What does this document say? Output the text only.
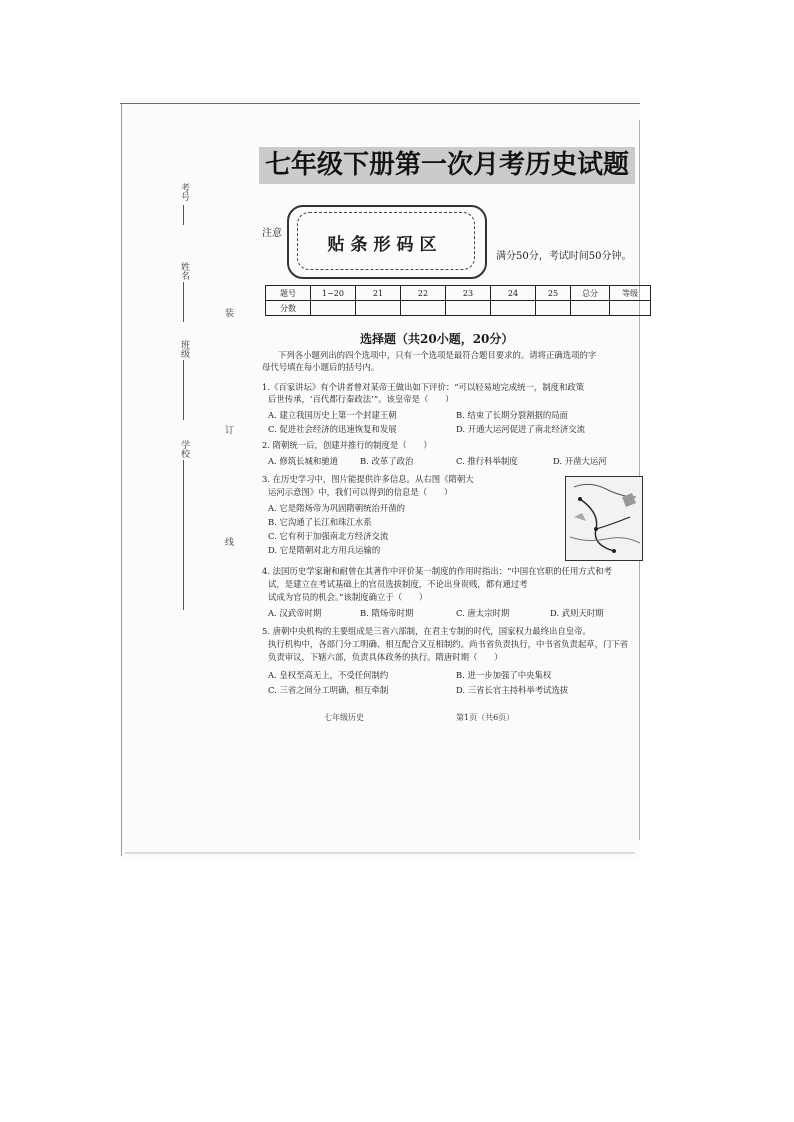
考号
姓名
班级
学校
装
订
线
七年级下册第一次月考历史试题
注意
贴条形码区
满分50分，考试时间50分钟。
题号	1~20	21	22	23	24	25	总分	等级
分数								
选择题（共20小题，20分）
下列各小题列出的四个选项中，只有一个选项是最符合题目要求的。请将正确选项的字
母代号填在每小题后的括号内。
1.《百家讲坛》有个讲者曾对某帝王做出如下评价：“可以轻易地完成统一，制度和政策
后世传承，‘百代都行秦政法’”。该皇帝是（　　）
A. 建立我国历史上第一个封建王朝	B. 结束了长期分裂割据的局面
C. 促进社会经济的迅速恢复和发展	D. 开通大运河促进了南北经济交流
2. 隋朝统一后，创建并推行的制度是（　　）
A. 修筑长城和驰道	B. 改革了政治	C. 推行科举制度	D. 开凿大运河
3. 在历史学习中，图片能提供许多信息。从右图《隋朝大
运河示意图》中，我们可以得到的信息是（　　）
A. 它是隋炀帝为巩固隋朝统治开凿的
B. 它沟通了长江和珠江水系
C. 它有利于加强南北方经济交流
D. 它是隋朝对北方用兵运输的
4. 法国历史学家谢和耐曾在其著作中评价某一制度的作用时指出：“中国在官职的任用方式和考
试，是建立在考试基础上的官员选拔制度，不论出身贵贱，都有通过考
试成为官员的机会。”该制度确立于（　　）
A. 汉武帝时期	B. 隋炀帝时期	C. 唐太宗时期	D. 武则天时期
5. 唐朝中央机构的主要组成是三省六部制，在君主专制的时代，国家权力最终出自皇帝。
执行机构中，各部门分工明确、相互配合又互相制约。尚书省负责执行，中书省负责起草，门下省
负责审议，下辖六部，负责具体政务的执行。隋唐时期（　　）
A. 皇权至高无上，不受任何制约	B. 进一步加强了中央集权
C. 三省之间分工明确，相互牵制	D. 三省长官主持科举考试选拔
七年级历史	第1页（共6页）
